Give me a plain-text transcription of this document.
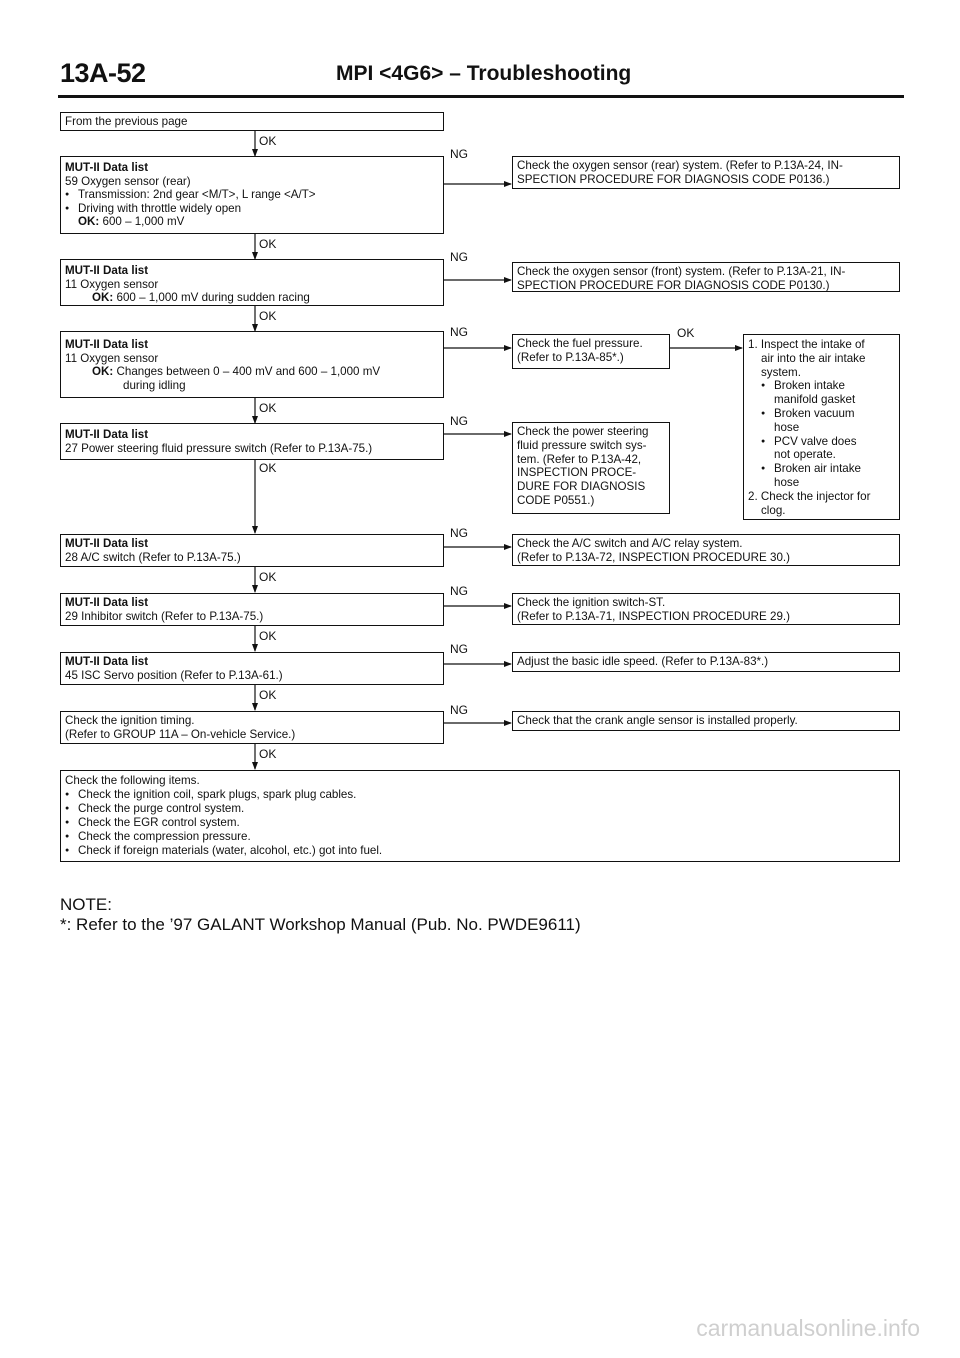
13A-52	MPI <4G6> – Troubleshooting
OK
OK
OK
OK
OK
OK
OK
OK
OK
OK
NG
NG
NG
NG
NG
NG
NG
NG
From the previous page
MUT-II Data list
59 Oxygen sensor (rear)
● Transmission: 2nd gear <M/T>, L range <A/T>
● Driving with throttle widely open
OK: 600 – 1,000 mV
Check the oxygen sensor (rear) system. (Refer to P.13A-24, IN-
SPECTION PROCEDURE FOR DIAGNOSIS CODE P0136.)
MUT-II Data list
11 Oxygen sensor
OK: 600 – 1,000 mV during sudden racing
Check the oxygen sensor (front) system. (Refer to P.13A-21, IN-
SPECTION PROCEDURE FOR DIAGNOSIS CODE P0130.)
MUT-II Data list
11 Oxygen sensor
OK: Changes between 0 – 400 mV and 600 – 1,000 mV
during idling
Check the fuel pressure.
(Refer to P.13A-85*.)
1. Inspect the intake of
air into the air intake
system.
● Broken intake
manifold gasket
● Broken vacuum
hose
● PCV valve does
not operate.
● Broken air intake
hose
2. Check the injector for
clog.
MUT-II Data list
27 Power steering fluid pressure switch (Refer to P.13A-75.)
Check the power steering
fluid pressure switch sys-
tem. (Refer to P.13A-42,
INSPECTION PROCE-
DURE FOR DIAGNOSIS
CODE P0551.)
MUT-II Data list
28 A/C switch (Refer to P.13A-75.)
Check the A/C switch and A/C relay system.
(Refer to P.13A-72, INSPECTION PROCEDURE 30.)
MUT-II Data list
29 Inhibitor switch (Refer to P.13A-75.)
Check the ignition switch-ST.
(Refer to P.13A-71, INSPECTION PROCEDURE 29.)
MUT-II Data list
45 ISC Servo position (Refer to P.13A-61.)
Adjust the basic idle speed. (Refer to P.13A-83*.)
Check the ignition timing.
(Refer to GROUP 11A – On-vehicle Service.)
Check that the crank angle sensor is installed properly.
Check the following items.
● Check the ignition coil, spark plugs, spark plug cables.
● Check the purge control system.
● Check the EGR control system.
● Check the compression pressure.
● Check if foreign materials (water, alcohol, etc.) got into fuel.
NOTE:
*: Refer to the ’97 GALANT Workshop Manual (Pub. No. PWDE9611)
carmanualsonline.info
